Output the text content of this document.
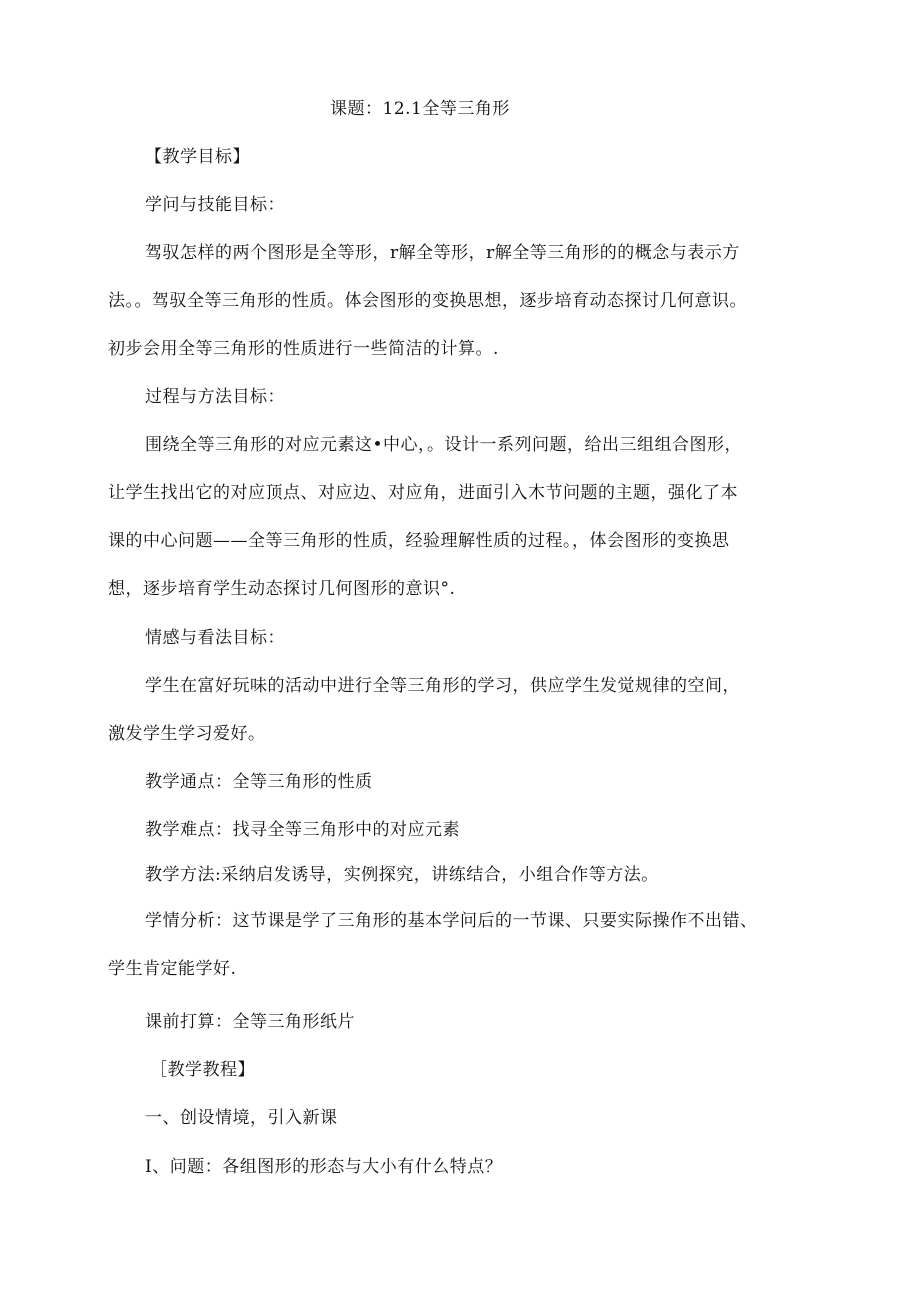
课题：12.1全等三角形
【教学目标】
学问与技能目标：
驾驭怎样的两个图形是全等形，r解全等形，r解全等三角形的的概念与表示方
法。。驾驭全等三角形的性质。体会图形的变换思想，逐步培育动态探讨几何意识。
初步会用全等三角形的性质进行一些简洁的计算。.
过程与方法目标：
围绕全等三角形的对应元素这•中心，。设计一系列问题，给出三组组合图形，
让学生找出它的对应顶点、对应边、对应角，进面引入木节问题的主题，强化了本
课的中心问题——全等三角形的性质，经验理解性质的过程。，体会图形的变换思
想，逐步培育学生动态探讨几何图形的意识°.
情感与看法目标：
学生在富好玩味的活动中进行全等三角形的学习，供应学生发觉规律的空间，
激发学生学习爱好。
教学通点：全等三角形的性质
教学难点：找寻全等三角形中的对应元素
教学方法:采纳启发诱导，实例探究，讲练结合，小组合作等方法。
学情分析：这节课是学了三角形的基本学问后的一节课、只要实际操作不出错、
学生肯定能学好.
课前打算：全等三角形纸片
［教学教程】
一、创设情境，引入新课
I、问题：各组图形的形态与大小有什么特点？
